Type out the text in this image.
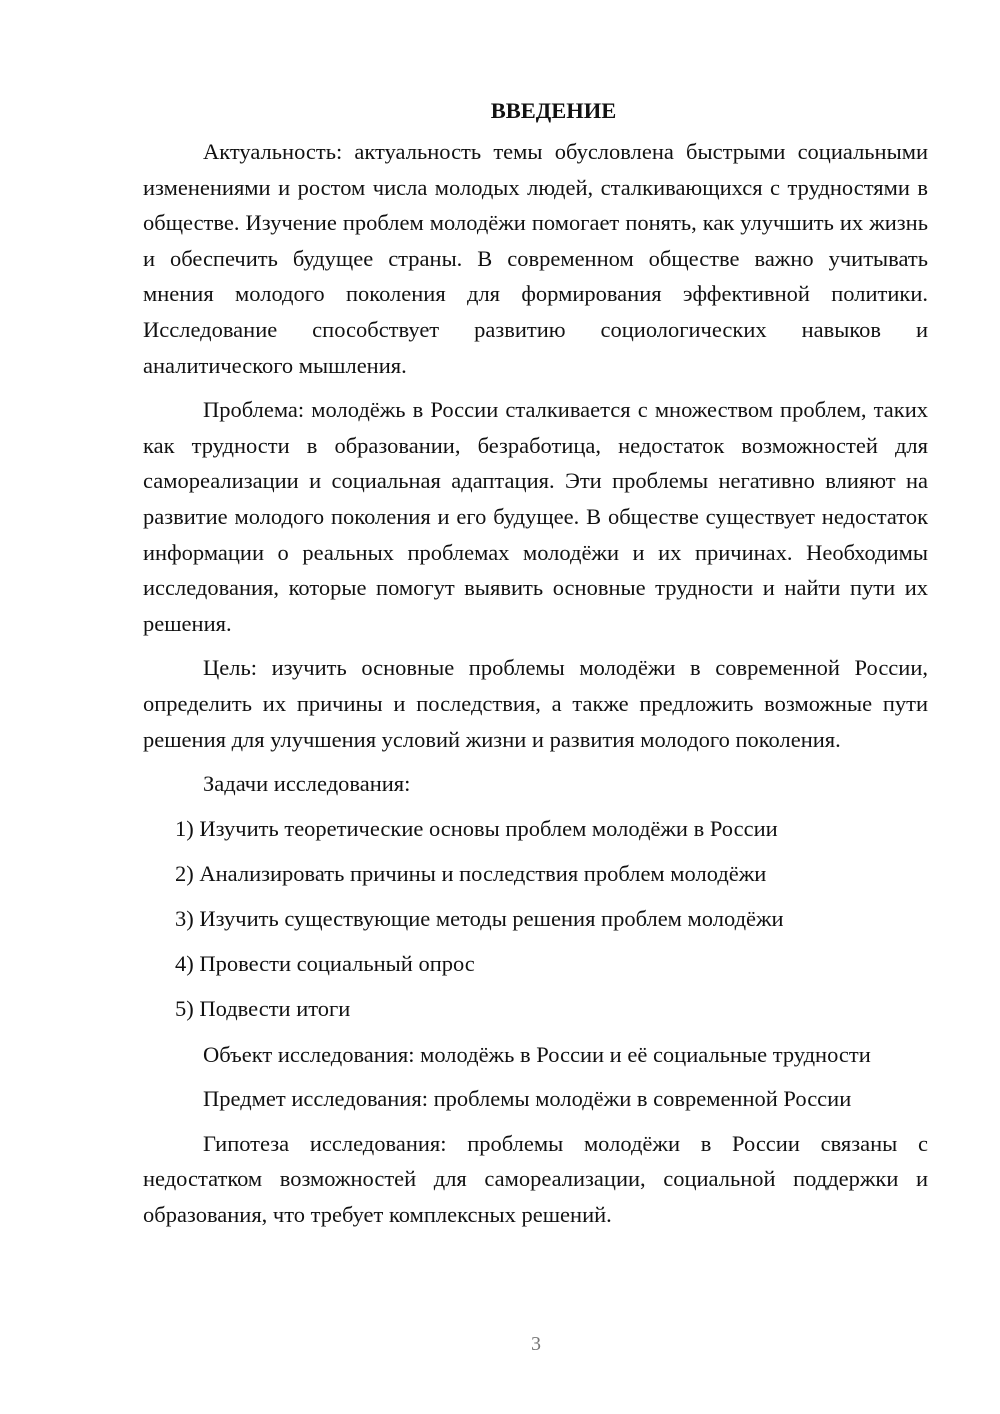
ВВЕДЕНИЕ

Актуальность: актуальность темы обусловлена быстрыми социальными изменениями и ростом числа молодых людей, сталкивающихся с трудностями в обществе. Изучение проблем молодёжи помогает понять, как улучшить их жизнь и обеспечить будущее страны. В современном обществе важно учитывать мнения молодого поколения для формирования эффективной политики. Исследование способствует развитию социологических навыков и аналитического мышления.

Проблема: молодёжь в России сталкивается с множеством проблем, таких как трудности в образовании, безработица, недостаток возможностей для самореализации и социальная адаптация. Эти проблемы негативно влияют на развитие молодого поколения и его будущее. В обществе существует недостаток информации о реальных проблемах молодёжи и их причинах. Необходимы исследования, которые помогут выявить основные трудности и найти пути их решения.

Цель: изучить основные проблемы молодёжи в современной России, определить их причины и последствия, а также предложить возможные пути решения для улучшения условий жизни и развития молодого поколения.

Задачи исследования:

1) Изучить теоретические основы проблем молодёжи в России
2) Анализировать причины и последствия проблем молодёжи
3) Изучить существующие методы решения проблем молодёжи
4) Провести социальный опрос
5) Подвести итоги

Объект исследования: молодёжь в России и её социальные трудности

Предмет исследования: проблемы молодёжи в современной России

Гипотеза исследования: проблемы молодёжи в России связаны с недостатком возможностей для самореализации, социальной поддержки и образования, что требует комплексных решений.

3
